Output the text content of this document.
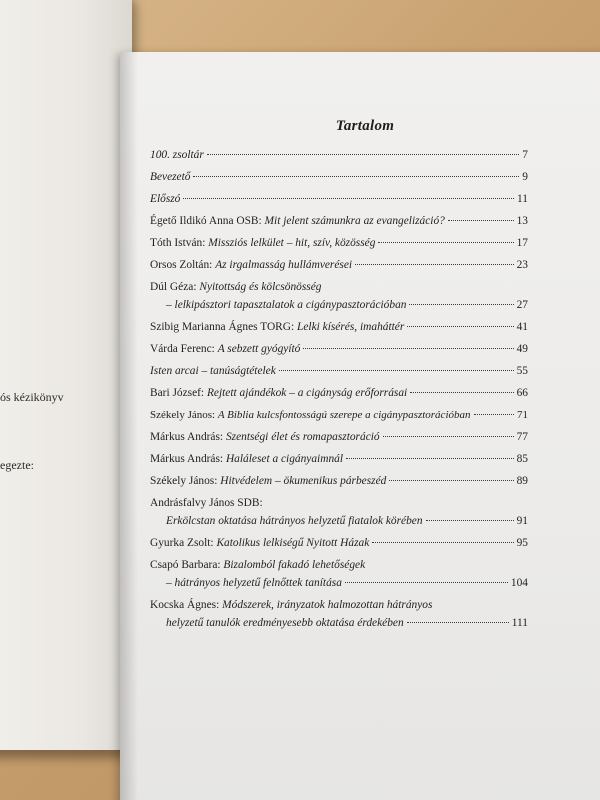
ós kézikönyv
egezte:
Tartalom
100. zsoltár	7
Bevezető	9
Előszó	11
Égető Ildikó Anna OSB:
Mit jelent számunkra az evangelizáció?	13
Tóth István:
Missziós lelkület – hit, szív, közösség	17
Orsos Zoltán:
Az irgalmasság hullámverései	23
Dúl Géza:
Nyitottság és kölcsönösség
– lelkipásztori tapasztalatok a cigánypasztorációban	27
Szibig Marianna Ágnes TORG:
Lelki kísérés, imaháttér	41
Várda Ferenc:
A sebzett gyógyító	49
Isten arcai – tanúságtételek	55
Bari József:
Rejtett ajándékok – a cigányság erőforrásai	66
Székely János:
A Biblia kulcsfontosságú szerepe a cigánypasztorációban	71
Márkus András:
Szentségi élet és romapasztoráció	77
Márkus András:
Haláleset a cigányaimnál	85
Székely János:
Hitvédelem – ökumenikus párbeszéd	89
Andrásfalvy János SDB:
Erkölcstan oktatása hátrányos helyzetű fiatalok körében	91
Gyurka Zsolt:
Katolikus lelkiségű Nyitott Házak	95
Csapó Barbara:
Bizalomból fakadó lehetőségek
– hátrányos helyzetű felnőttek tanítása	104
Kocska Ágnes:
Módszerek, irányzatok halmozottan hátrányos
helyzetű tanulók eredményesebb oktatása érdekében	111
